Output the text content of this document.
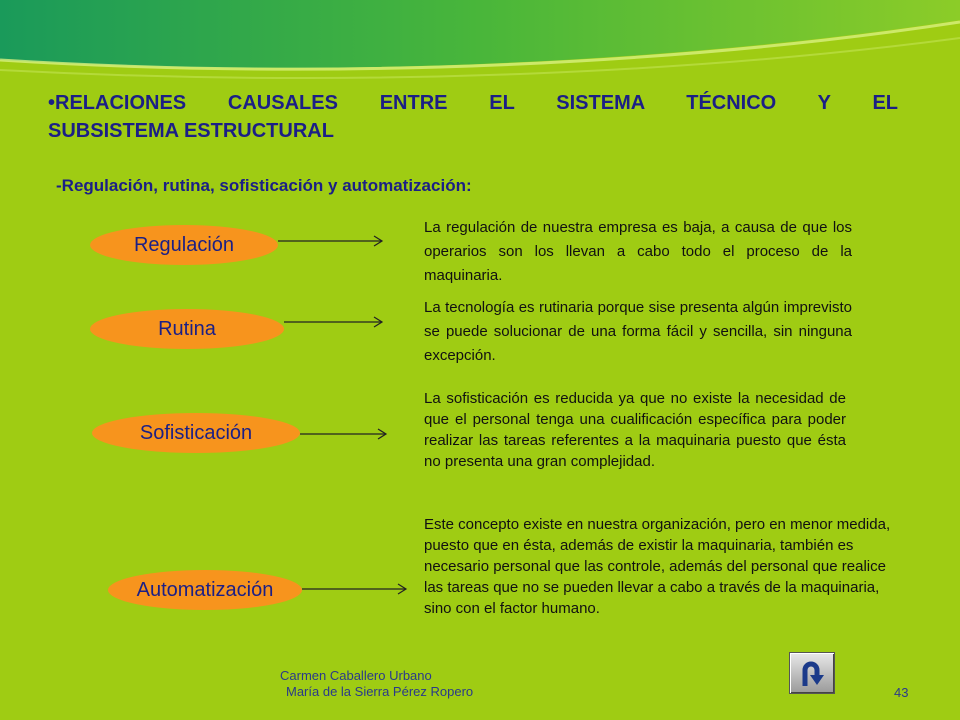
•RELACIONES CAUSALES ENTRE EL SISTEMA TÉCNICO Y EL
SUBSISTEMA ESTRUCTURAL
-Regulación, rutina, sofisticación y automatización:
Regulación
La regulación de nuestra empresa es baja, a causa de que los operarios son los llevan a cabo todo el proceso de la maquinaria.
Rutina
La tecnología es rutinaria porque sise presenta algún imprevisto se puede solucionar de una forma fácil y sencilla, sin ninguna excepción.
Sofisticación
La sofisticación es reducida ya que no existe la necesidad de que el personal tenga una cualificación específica para poder realizar las tareas referentes a la maquinaria puesto que ésta no presenta una gran complejidad.
Automatización
Este concepto existe en nuestra organización, pero en menor medida, puesto que en ésta, además de existir la maquinaria, también es necesario personal que las controle, además del personal que realice las tareas que no se pueden llevar a cabo a través de la maquinaria, sino con el factor humano.
Carmen Caballero Urbano
María de la Sierra Pérez Ropero	43
